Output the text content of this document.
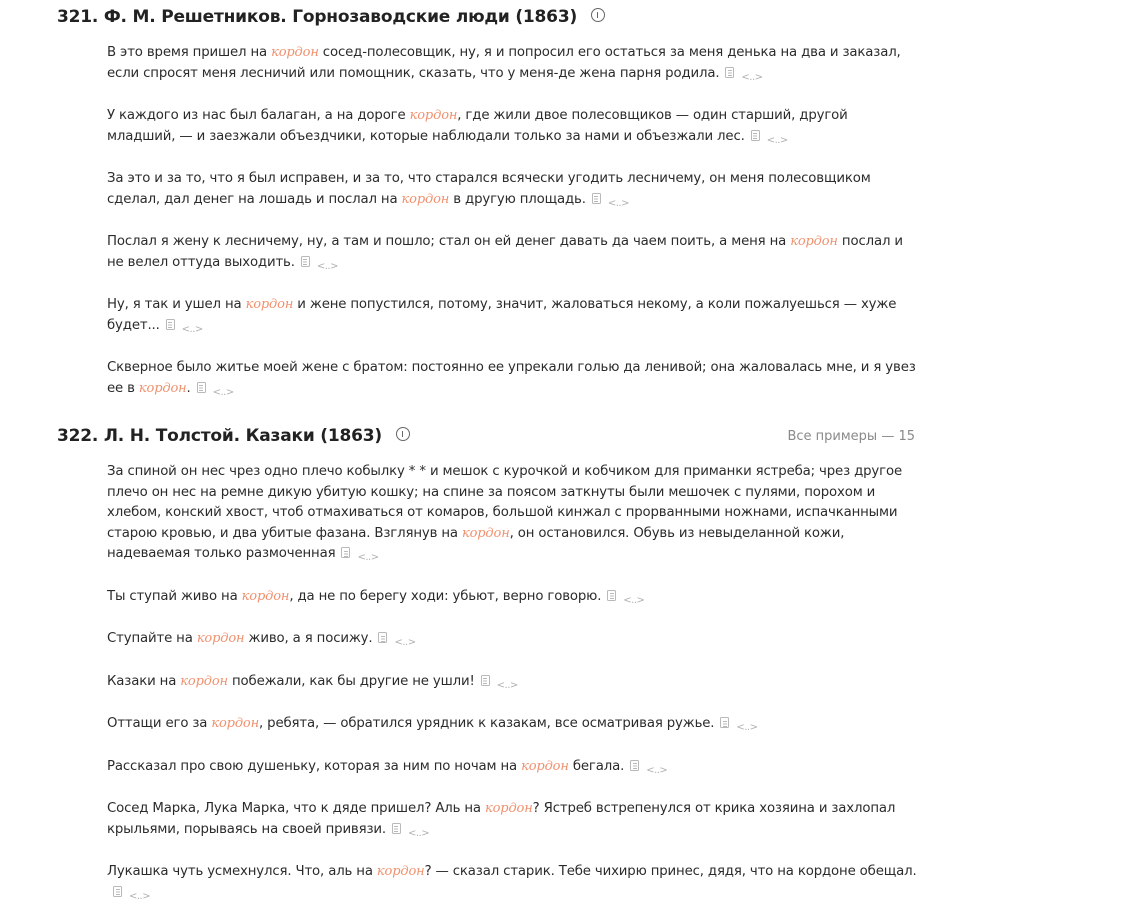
321. Ф. М. Решетников. Горнозаводские люди (1863)

В это время пришел на кордон сосед-полесовщик, ну, я и попросил его остаться за меня денька на два и заказал, если спросят меня лесничий или помощник, сказать, что у меня-де жена парня родила. <..>

У каждого из нас был балаган, а на дороге кордон, где жили двое полесовщиков — один старший, другой младший, — и заезжали объездчики, которые наблюдали только за нами и объезжали лес. <..>

За это и за то, что я был исправен, и за то, что старался всячески угодить лесничему, он меня полесовщиком сделал, дал денег на лошадь и послал на кордон в другую площадь. <..>

Послал я жену к лесничему, ну, а там и пошло; стал он ей денег давать да чаем поить, а меня на кордон послал и не велел оттуда выходить. <..>

Ну, я так и ушел на кордон и жене попустился, потому, значит, жаловаться некому, а коли пожалуешься — хуже будет... <..>

Скверное было житье моей жене с братом: постоянно ее упрекали голью да ленивой; она жаловалась мне, и я увез ее в кордон. <..>

322. Л. Н. Толстой. Казаки (1863)	Все примеры — 15

За спиной он нес чрез одно плечо кобылку * * и мешок с курочкой и кобчиком для приманки ястреба; чрез другое плечо он нес на ремне дикую убитую кошку; на спине за поясом заткнуты были мешочек с пулями, порохом и хлебом, конский хвост, чтоб отмахиваться от комаров, большой кинжал с прорванными ножнами, испачканными старою кровью, и два убитые фазана. Взглянув на кордон, он остановился. Обувь из невыделанной кожи, надеваемая только размоченная <..>

Ты ступай живо на кордон, да не по берегу ходи: убьют, верно говорю. <..>

Ступайте на кордон живо, а я посижу. <..>

Казаки на кордон побежали, как бы другие не ушли! <..>

Оттащи его за кордон, ребята, — обратился урядник к казакам, все осматривая ружье. <..>

Рассказал про свою душеньку, которая за ним по ночам на кордон бегала. <..>

Сосед Марка, Лука Марка, что к дяде пришел? Аль на кордон? Ястреб встрепенулся от крика хозяина и захлопал крыльями, порываясь на своей привязи. <..>

Лукашка чуть усмехнулся. Что, аль на кордон? — сказал старик. Тебе чихирю принес, дядя, что на кордоне обещал.<..>
